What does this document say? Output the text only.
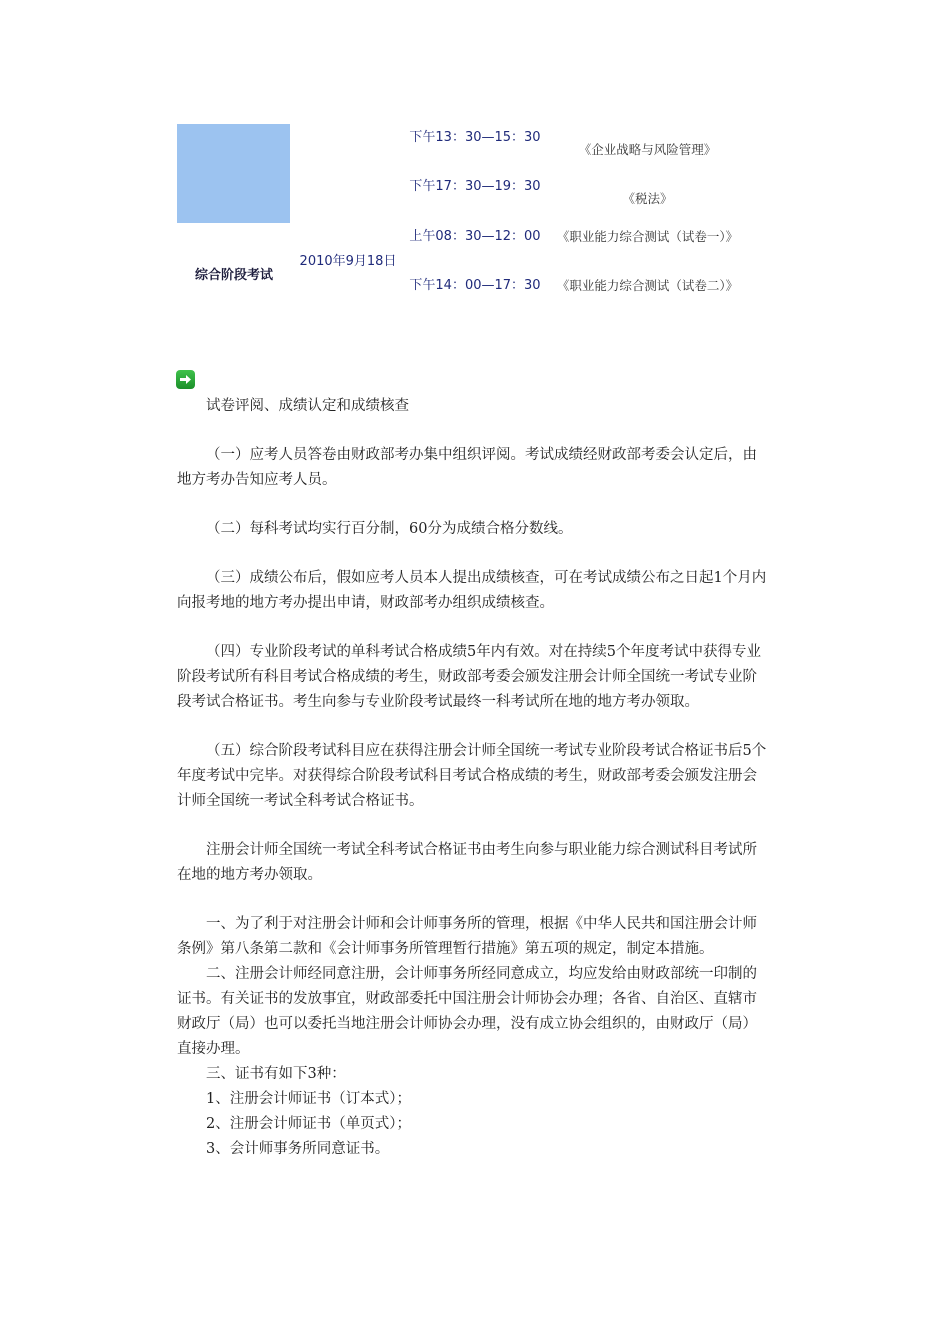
综合阶段考试
2010年9月18日
下午13：30—15：30
《企业战略与风险管理》
下午17：30—19：30
《税法》
上午08：30—12：00	《职业能力综合测试（试卷一）》
下午14：00—17：30	《职业能力综合测试（试卷二）》

试卷评阅、成绩认定和成绩核查

（一）应考人员答卷由财政部考办集中组织评阅。考试成绩经财政部考委会认定后，由地方考办告知应考人员。

（二）每科考试均实行百分制，60分为成绩合格分数线。

（三）成绩公布后，假如应考人员本人提出成绩核查，可在考试成绩公布之日起1个月内向报考地的地方考办提出申请，财政部考办组织成绩核查。

（四）专业阶段考试的单科考试合格成绩5年内有效。对在持续5个年度考试中获得专业阶段考试所有科目考试合格成绩的考生，财政部考委会颁发注册会计师全国统一考试专业阶段考试合格证书。考生向参与专业阶段考试最终一科考试所在地的地方考办领取。

（五）综合阶段考试科目应在获得注册会计师全国统一考试专业阶段考试合格证书后5个年度考试中完毕。对获得综合阶段考试科目考试合格成绩的考生，财政部考委会颁发注册会计师全国统一考试全科考试合格证书。

注册会计师全国统一考试全科考试合格证书由考生向参与职业能力综合测试科目考试所在地的地方考办领取。

一、为了利于对注册会计师和会计师事务所的管理，根据《中华人民共和国注册会计师条例》第八条第二款和《会计师事务所管理暂行措施》第五项的规定，制定本措施。

二、注册会计师经同意注册，会计师事务所经同意成立，均应发给由财政部统一印制的证书。有关证书的发放事宜，财政部委托中国注册会计师协会办理；各省、自治区、直辖市财政厅（局）也可以委托当地注册会计师协会办理，没有成立协会组织的，由财政厅（局）直接办理。

三、证书有如下3种：

1、注册会计师证书（订本式）；

2、注册会计师证书（单页式）；

3、会计师事务所同意证书。
